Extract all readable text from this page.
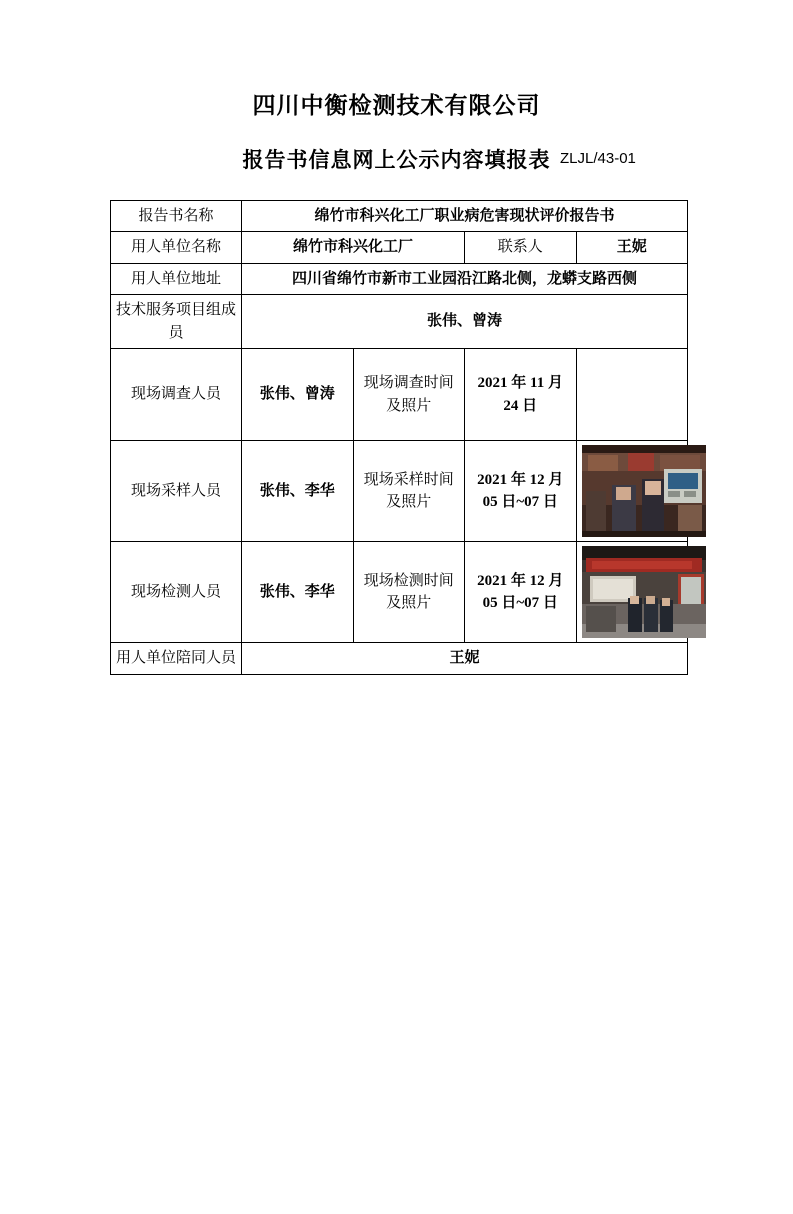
四川中衡检测技术有限公司
报告书信息网上公示内容填报表 ZLJL/43-01
报告书名称	绵竹市科兴化工厂职业病危害现状评价报告书			
用人单位名称	绵竹市科兴化工厂		联系人	王妮
用人单位地址	四川省绵竹市新市工业园沿江路北侧，龙蟒支路西侧			
技术服务项目组成员	张伟、曾涛			
现场调查人员	张伟、曾涛	现场调查时间及照片	2021 年 11 月 24 日	
现场采样人员	张伟、李华	现场采样时间及照片	2021 年 12 月 05 日~07 日	

现场检测人员	张伟、李华	现场检测时间及照片	2021 年 12 月 05 日~07 日	

用人单位陪同人员	王妮			
